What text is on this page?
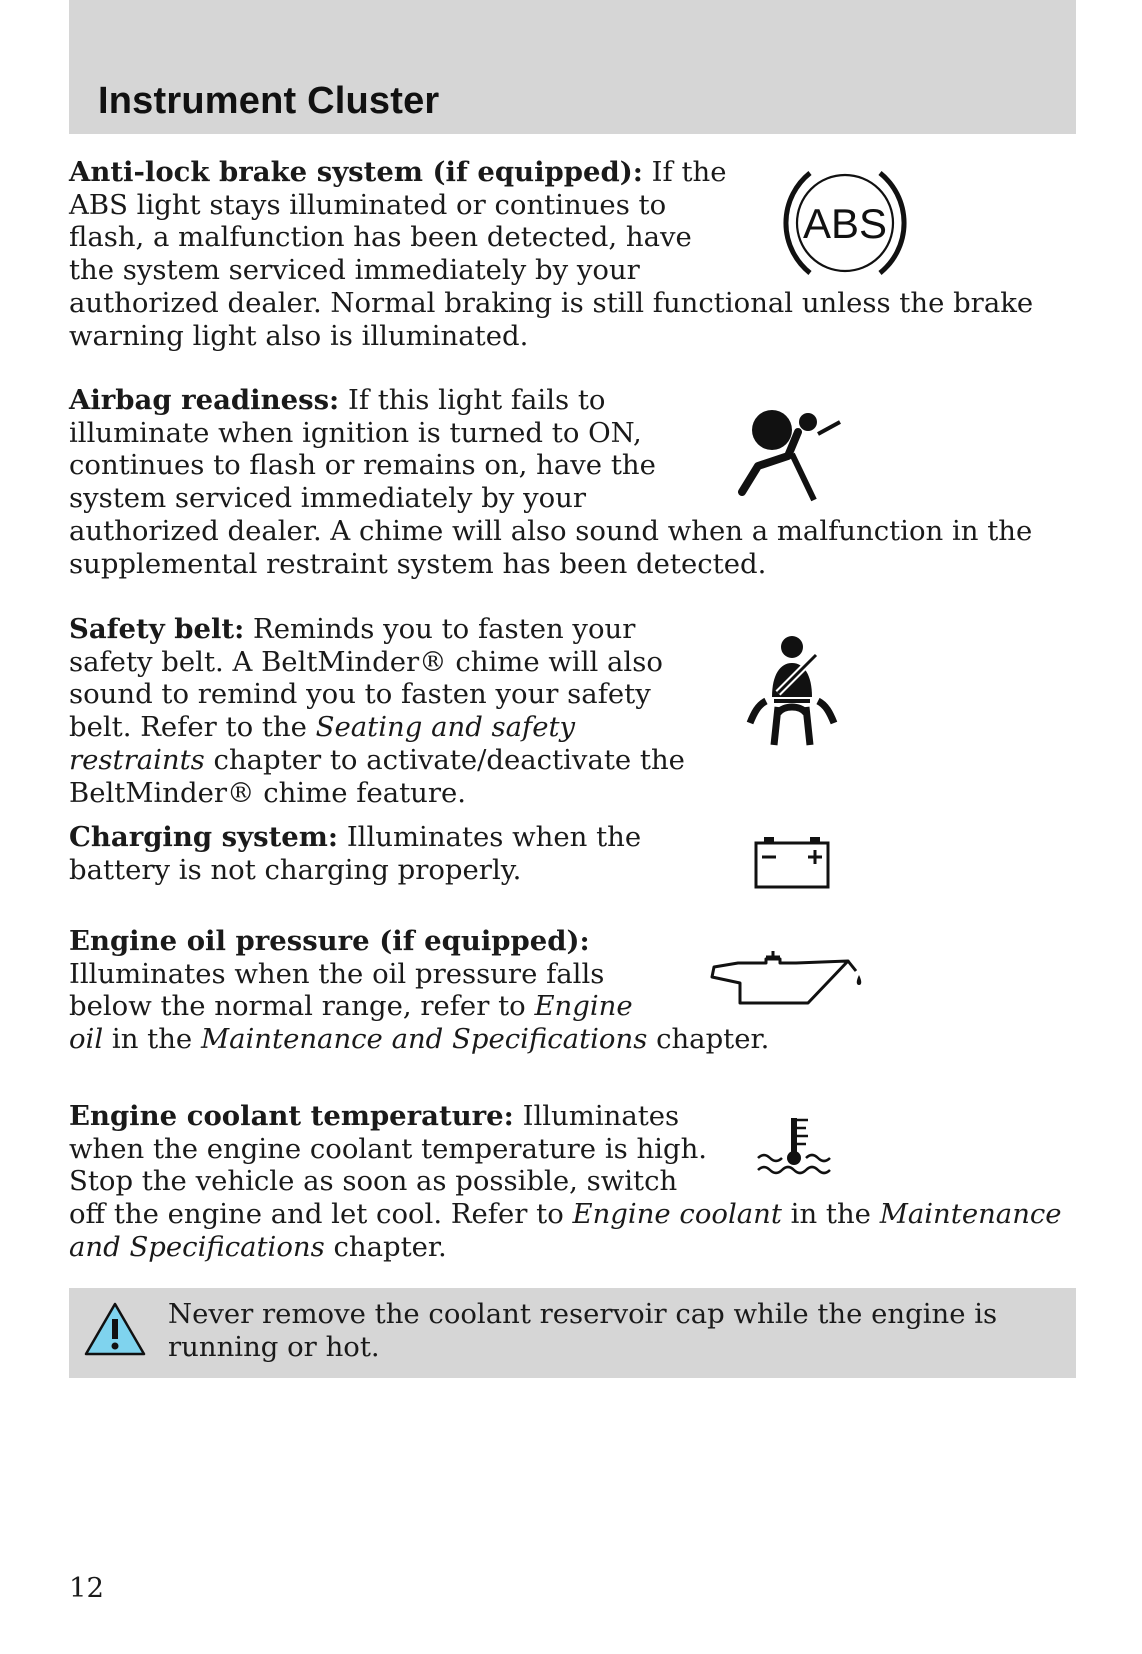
Instrument Cluster
ABS
Anti-lock brake system (if equipped): If the ABS light stays illuminated or continues to flash, a malfunction has been detected, have the system serviced immediately by your authorized dealer. Normal braking is still functional unless the brake warning light also is illuminated.
Airbag readiness: If this light fails to illuminate when ignition is turned to ON, continues to flash or remains on, have the system serviced immediately by your authorized dealer. A chime will also sound when a malfunction in the supplemental restraint system has been detected.
Safety belt: Reminds you to fasten your safety belt. A BeltMinder® chime will also sound to remind you to fasten your safety belt. Refer to the Seating and safety restraints chapter to activate/deactivate the BeltMinder® chime feature.
Charging system: Illuminates when the battery is not charging properly.
Engine oil pressure (if equipped): Illuminates when the oil pressure falls below the normal range, refer to Engine oil in the Maintenance and Specifications chapter.
Engine coolant temperature: Illuminates when the engine coolant temperature is high. Stop the vehicle as soon as possible, switch off the engine and let cool. Refer to Engine coolant in the Maintenance and Specifications chapter.

Never remove the coolant reservoir cap while the engine is running or hot.

12
